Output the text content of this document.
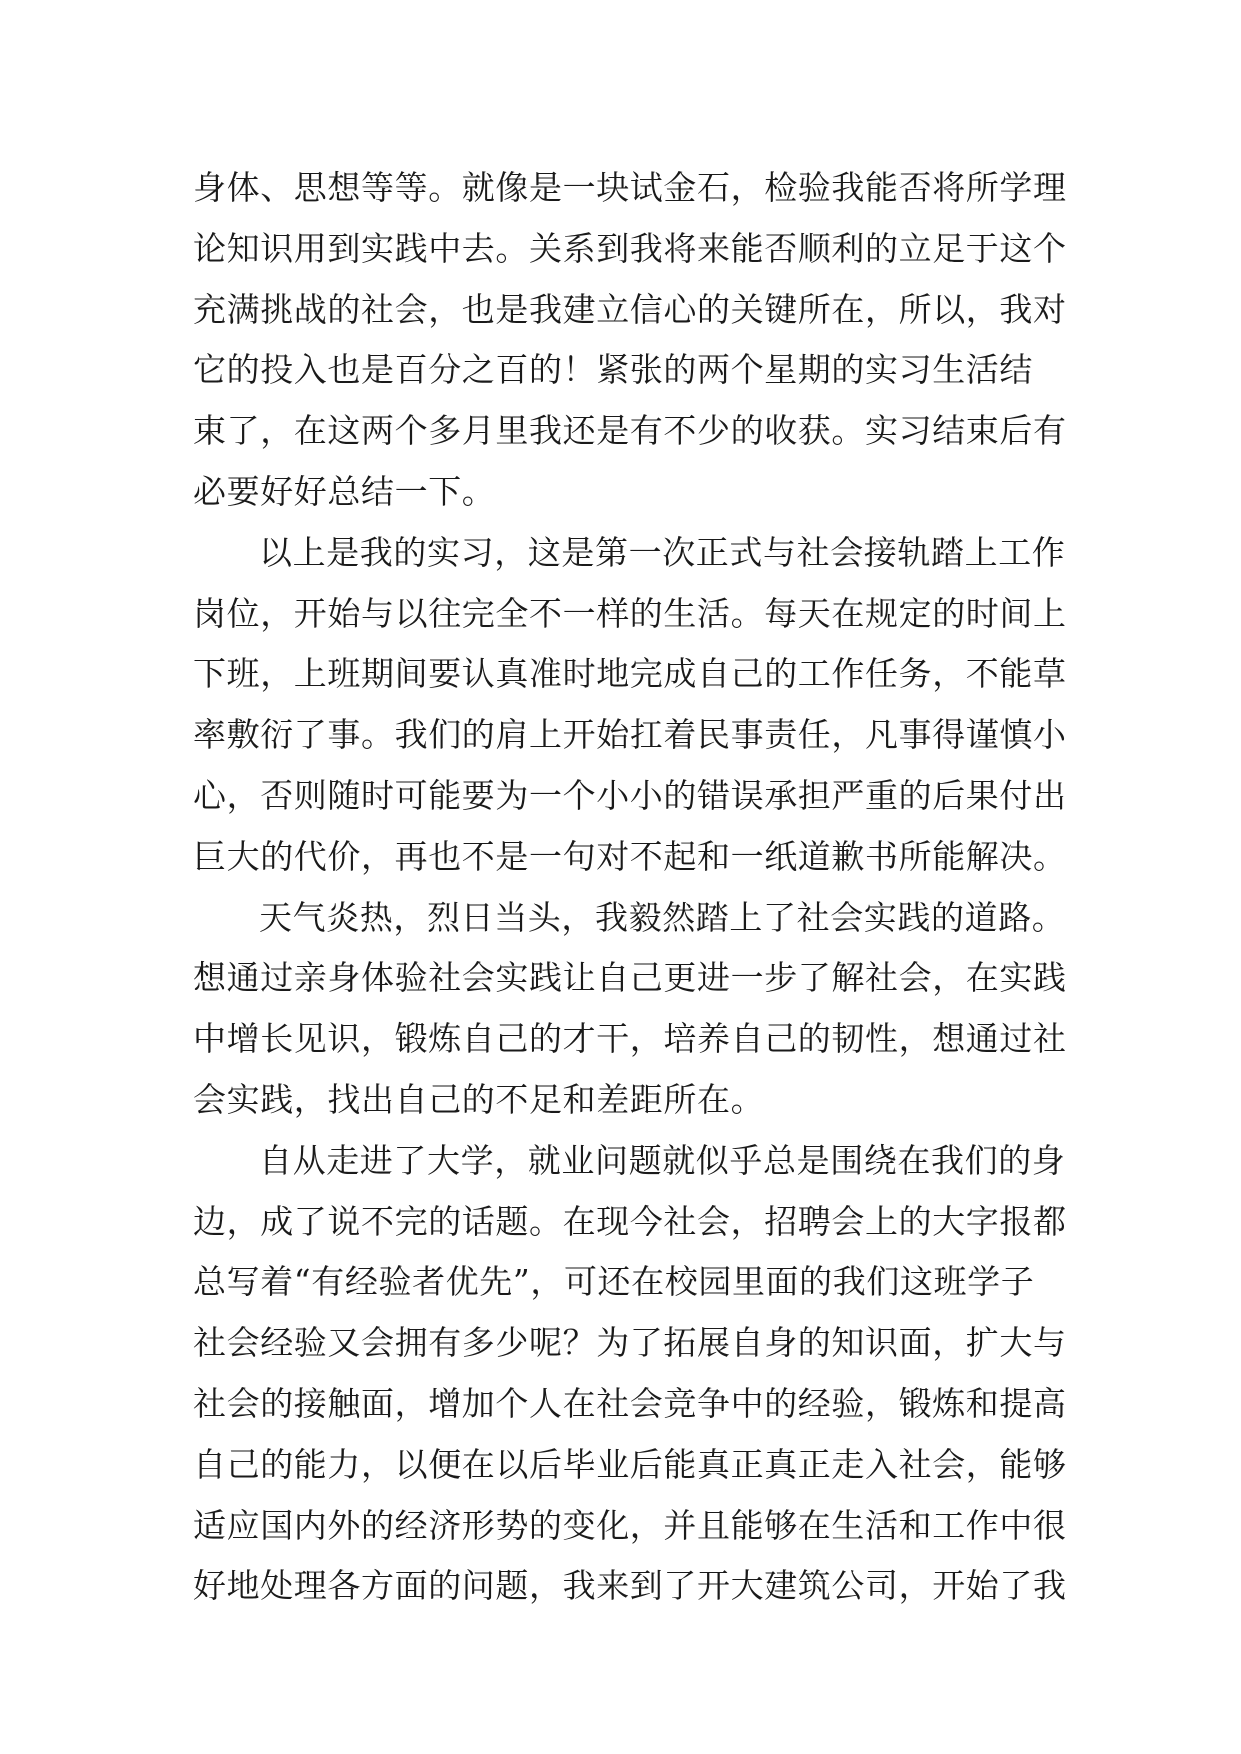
身体、思想等等。就像是一块试金石，检验我能否将所学理
论知识用到实践中去。关系到我将来能否顺利的立足于这个
充满挑战的社会，也是我建立信心的关键所在，所以，我对
它的投入也是百分之百的！紧张的两个星期的实习生活结
束了，在这两个多月里我还是有不少的收获。实习结束后有
必要好好总结一下。
以上是我的实习，这是第一次正式与社会接轨踏上工作
岗位，开始与以往完全不一样的生活。每天在规定的时间上
下班，上班期间要认真准时地完成自己的工作任务，不能草
率敷衍了事。我们的肩上开始扛着民事责任，凡事得谨慎小
心，否则随时可能要为一个小小的错误承担严重的后果付出
巨大的代价，再也不是一句对不起和一纸道歉书所能解决。
天气炎热，烈日当头，我毅然踏上了社会实践的道路。
想通过亲身体验社会实践让自己更进一步了解社会，在实践
中增长见识，锻炼自己的才干，培养自己的韧性，想通过社
会实践，找出自己的不足和差距所在。
自从走进了大学，就业问题就似乎总是围绕在我们的身
边，成了说不完的话题。在现今社会，招聘会上的大字报都
总写着“有经验者优先”，可还在校园里面的我们这班学子
社会经验又会拥有多少呢？为了拓展自身的知识面，扩大与
社会的接触面，增加个人在社会竞争中的经验，锻炼和提高
自己的能力，以便在以后毕业后能真正真正走入社会，能够
适应国内外的经济形势的变化，并且能够在生活和工作中很
好地处理各方面的问题，我来到了开大建筑公司，开始了我
